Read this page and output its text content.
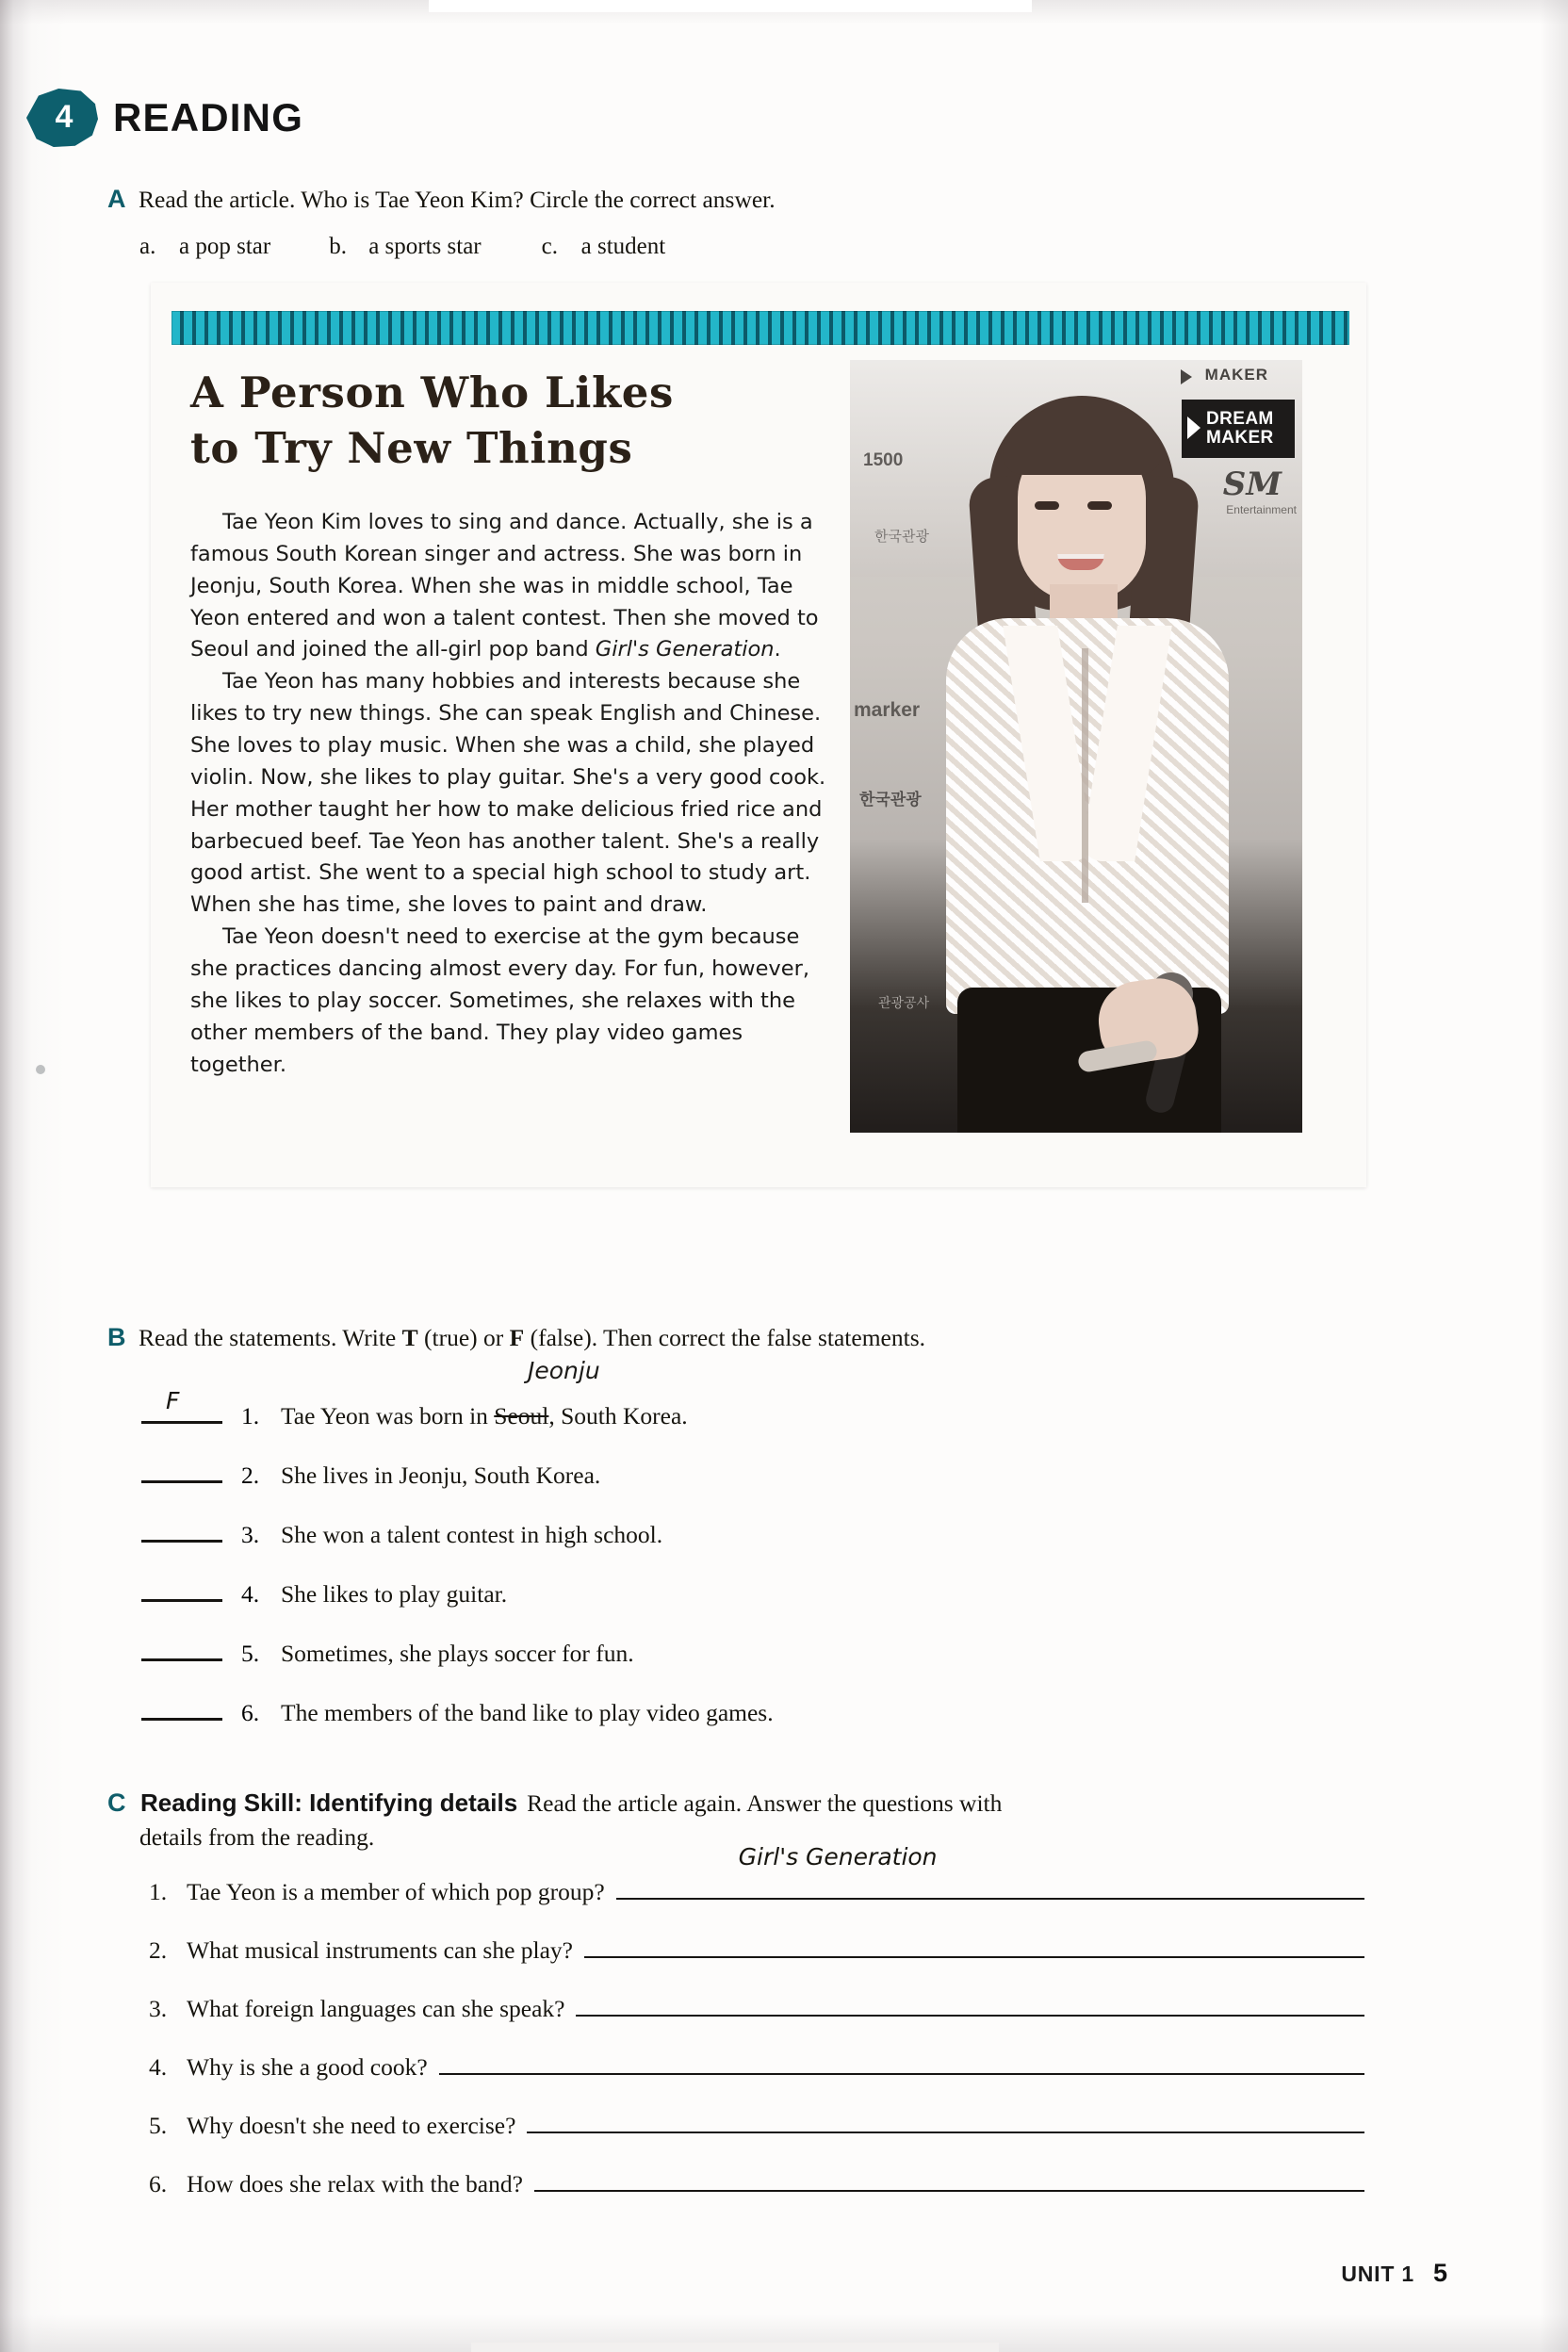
4 READING
A Read the article. Who is Tae Yeon Kim? Circle the correct answer.
a. a pop star b. a sports star	c. a student
A Person Who Likes
to Try New Things

Tae Yeon Kim loves to sing and dance. Actually, she is a famous South Korean singer and actress. She was born in Jeonju, South Korea. When she was in middle school, Tae Yeon entered and won a talent contest. Then she moved to Seoul and joined the all-girl pop band Girl's Generation.

Tae Yeon has many hobbies and interests because she likes to try new things. She can speak English and Chinese. She loves to play music. When she was a child, she played violin. Now, she likes to play guitar. She's a very good cook. Her mother taught her how to make delicious fried rice and barbecued beef. Tae Yeon has another talent. She's a really good artist. She went to a special high school to study art. When she has time, she loves to paint and draw.

Tae Yeon doesn't need to exercise at the gym because she practices dancing almost every day. For fun, however, she likes to play soccer. Sometimes, she relaxes with the other members of the band. They play video games together.

MAKER
DREAM
MAKER
SM
Entertainment
1500
한국관광
marker
한국관광
관광공사
B Read the statements. Write T (true) or F (false). Then correct the false statements.
Jeonju
F
1. Tae Yeon was born in Seoul, South Korea.
2. She lives in Jeonju, South Korea.
3. She won a talent contest in high school.
4. She likes to play guitar.
5. Sometimes, she plays soccer for fun.
6. The members of the band like to play video games.
C Reading Skill: Identifying details Read the article again. Answer the questions with
details from the reading.
1. Tae Yeon is a member of which pop group?
Girl's Generation
2. What musical instruments can she play?
3. What foreign languages can she speak?
4. Why is she a good cook?
5. Why doesn't she need to exercise?
6. How does she relax with the band?
UNIT 1 5
